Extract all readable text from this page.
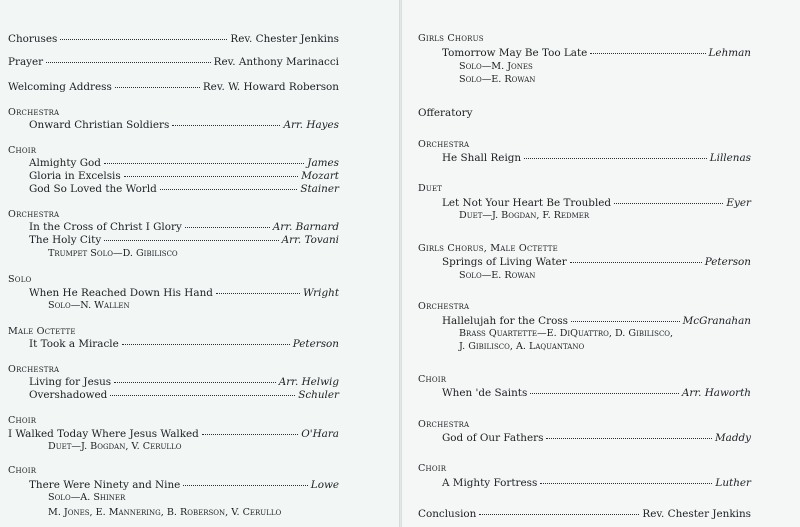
Choruses	Rev. Chester Jenkins
Prayer	Rev. Anthony Marinacci
Welcoming Address	Rev. W. Howard Roberson
Orchestra
Onward Christian Soldiers	Arr. Hayes
Choir
Almighty God	James
Gloria in Excelsis	Mozart
God So Loved the World	Stainer
Orchestra
In the Cross of Christ I Glory	Arr. Barnard
The Holy City	Arr. Tovani
Trumpet Solo—D. Gibilisco
Solo
When He Reached Down His Hand	Wright
Solo—N. Wallen
Male Octette
It Took a Miracle	Peterson
Orchestra
Living for Jesus	Arr. Helwig
Overshadowed	Schuler
Choir
I Walked Today Where Jesus Walked	O'Hara
Duet—J. Bogdan, V. Cerullo
Choir
There Were Ninety and Nine	Lowe
Solo—A. Shiner
M. Jones, E. Mannering, B. Roberson, V. Cerullo
Girls Chorus
Tomorrow May Be Too Late	Lehman
Solo—M. Jones
Solo—E. Rowan
Offeratory
Orchestra
He Shall Reign	Lillenas
Duet
Let Not Your Heart Be Troubled	Eyer
Duet—J. Bogdan, F. Redmer
Girls Chorus, Male Octette
Springs of Living Water	Peterson
Solo—E. Rowan
Orchestra
Hallelujah for the Cross	McGranahan
Brass Quartette—E. DiQuattro, D. Gibilisco,
J. Gibilisco, A. Laquantano
Choir
When 'de Saints	Arr. Haworth
Orchestra
God of Our Fathers	Maddy
Choir
A Mighty Fortress	Luther
Conclusion	Rev. Chester Jenkins
